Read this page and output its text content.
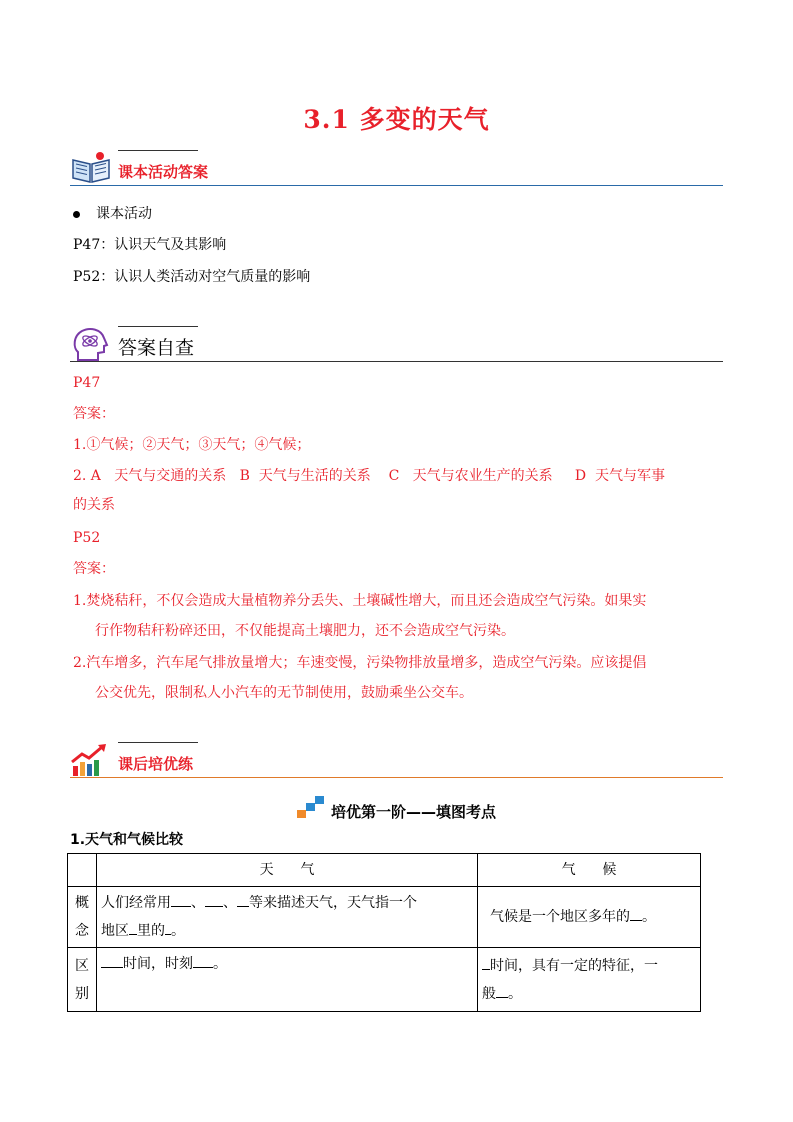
3.1 多变的天气
课本活动答案
课本活动
P47：认识天气及其影响
P52：认识人类活动对空气质量的影响
答案自查
P47
答案：
1.①气候；②天气；③天气；④气候；
2. A   天气与交通的关系   B  天气与生活的关系    C   天气与农业生产的关系     D  天气与军事
的关系
P52
答案：
1.焚烧秸秆，不仅会造成大量植物养分丢失、土壤碱性增大，而且还会造成空气污染。如果实
行作物秸秆粉碎还田，不仅能提高土壤肥力，还不会造成空气污染。
2.汽车增多，汽车尾气排放量增大；车速变慢，污染物排放量增多，造成空气污染。应该提倡
公交优先，限制私人小汽车的无节制使用，鼓励乘坐公交车。
课后培优练
培优第一阶——填图考点
1.天气和气候比较
	天      气	气      候
概念	人们经常用 、 、 等来描述天气，天气指一个
地区 里的 。	气候是一个地区多年的 。
区别	时间，时刻 。	时间，具有一定的特征，一
般 。
